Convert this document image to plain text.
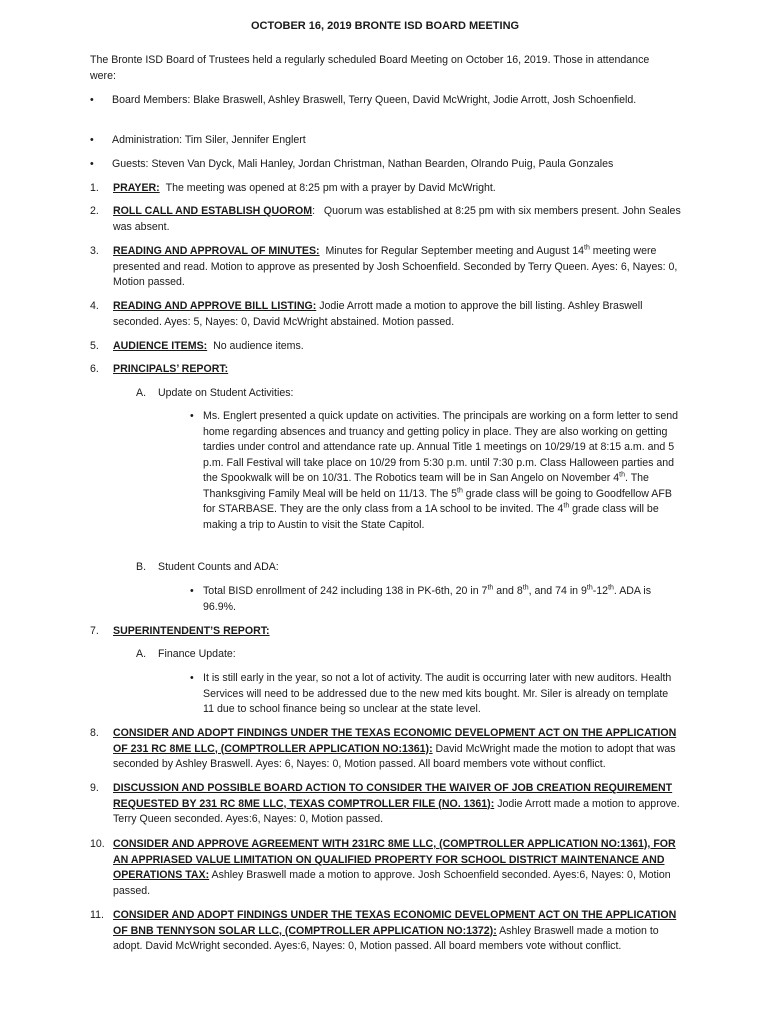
OCTOBER 16, 2019 BRONTE ISD BOARD MEETING
The Bronte ISD Board of Trustees held a regularly scheduled Board Meeting on October 16, 2019. Those in attendance were:
• Board Members: Blake Braswell, Ashley Braswell, Terry Queen, David McWright, Jodie Arrott, Josh Schoenfield.
• Administration: Tim Siler, Jennifer Englert
• Guests: Steven Van Dyck, Mali Hanley, Jordan Christman, Nathan Bearden, Olrando Puig, Paula Gonzales
1.	PRAYER: The meeting was opened at 8:25 pm with a prayer by David McWright.
2.	ROLL CALL AND ESTABLISH QUOROM: Quorum was established at 8:25 pm with six members present. John Seales was absent.
3.	READING AND APPROVAL OF MINUTES: Minutes for Regular September meeting and August 14th meeting were presented and read. Motion to approve as presented by Josh Schoenfield. Seconded by Terry Queen. Ayes: 6, Nayes: 0, Motion passed.
4.	READING AND APPROVE BILL LISTING: Jodie Arrott made a motion to approve the bill listing. Ashley Braswell seconded. Ayes: 5, Nayes: 0, David McWright abstained. Motion passed.
5.	AUDIENCE ITEMS: No audience items.
6.	PRINCIPALS’ REPORT:
A. Update on Student Activities:
• Ms. Englert presented a quick update on activities. The principals are working on a form letter to send home regarding absences and truancy and getting policy in place. They are also working on getting tardies under control and attendance rate up. Annual Title 1 meetings on 10/29/19 at 8:15 a.m. and 5 p.m. Fall Festival will take place on 10/29 from 5:30 p.m. until 7:30 p.m. Class Halloween parties and the Spookwalk will be on 10/31. The Robotics team will be in San Angelo on November 4th. The Thanksgiving Family Meal will be held on 11/13. The 5th grade class will be going to Goodfellow AFB for STARBASE. They are the only class from a 1A school to be invited. The 4th grade class will be making a trip to Austin to visit the State Capitol.
B. Student Counts and ADA:
• Total BISD enrollment of 242 including 138 in PK-6th, 20 in 7th and 8th, and 74 in 9th-12th. ADA is 96.9%.
7.	SUPERINTENDENT’S REPORT:
A. Finance Update:
• It is still early in the year, so not a lot of activity. The audit is occurring later with new auditors. Health Services will need to be addressed due to the new med kits bought. Mr. Siler is already on template 11 due to school finance being so unclear at the state level.
8.	CONSIDER AND ADOPT FINDINGS UNDER THE TEXAS ECONOMIC DEVELOPMENT ACT ON THE APPLICATION OF 231 RC 8ME LLC, (COMPTROLLER APPLICATION NO:1361): David McWright made the motion to adopt that was seconded by Ashley Braswell. Ayes: 6, Nayes: 0, Motion passed. All board members vote without conflict.
9.	DISCUSSION AND POSSIBLE BOARD ACTION TO CONSIDER THE WAIVER OF JOB CREATION REQUIREMENT REQUESTED BY 231 RC 8ME LLC, TEXAS COMPTROLLER FILE (NO. 1361): Jodie Arrott made a motion to approve. Terry Queen seconded. Ayes:6, Nayes: 0, Motion passed.
10. CONSIDER AND APPROVE AGREEMENT WITH 231RC 8ME LLC, (COMPTROLLER APPLICATION NO:1361), FOR AN APPRIASED VALUE LIMITATION ON QUALIFIED PROPERTY FOR SCHOOL DISTRICT MAINTENANCE AND OPERATIONS TAX: Ashley Braswell made a motion to approve. Josh Schoenfield seconded. Ayes:6, Nayes: 0, Motion passed.
11. CONSIDER AND ADOPT FINDINGS UNDER THE TEXAS ECONOMIC DEVELOPMENT ACT ON THE APPLICATION OF BNB TENNYSON SOLAR LLC, (COMPTROLLER APPLICATION NO:1372): Ashley Braswell made a motion to adopt. David McWright seconded. Ayes:6, Nayes: 0, Motion passed. All board members vote without conflict.
